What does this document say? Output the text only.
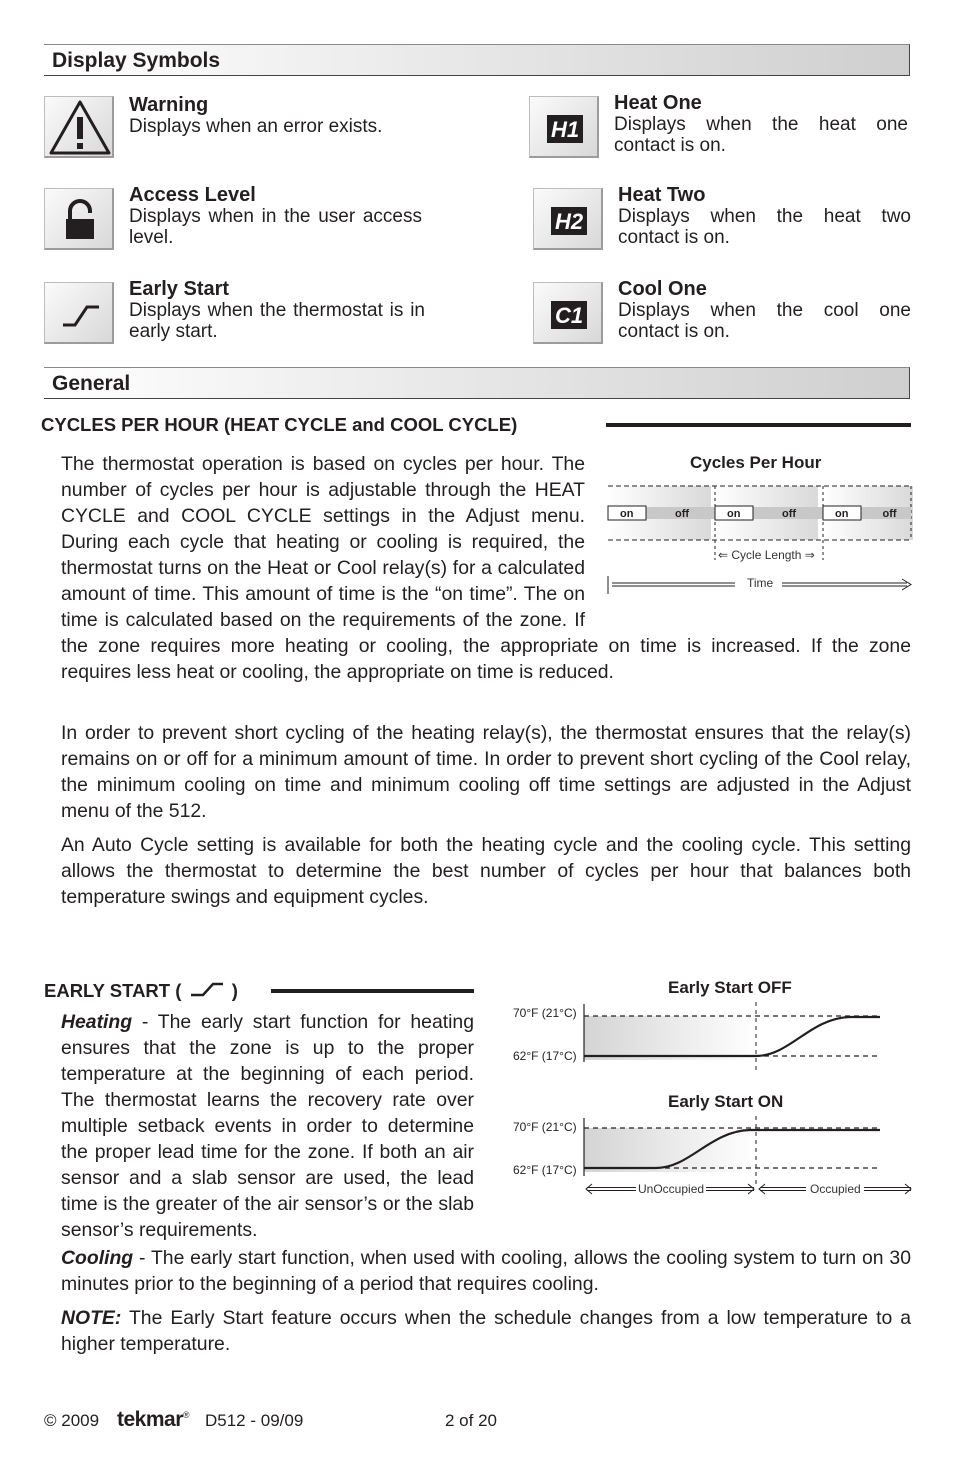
Display Symbols
Warning
Displays when an error exists.
Access Level
Displays when in the user access level.
Early Start
Displays when the thermostat is in early start.
H1
Heat One
Displays when the heat one contact is on.
H2
Heat Two
Displays when the heat two contact is on.
C1
Cool One
Displays when the cool one contact is on.
General
CYCLES PER HOUR (HEAT CYCLE and COOL CYCLE)
Cycles Per Hour
on	off	on	off	on	off
⇐ Cycle Length ⇒
Time

The thermostat operation is based on cycles per hour. The number of cycles per hour is adjustable through the HEAT CYCLE and COOL CYCLE settings in the Adjust menu. During each cycle that heating or cooling is required, the thermostat turns on the Heat or Cool relay(s) for a calculated amount of time. This amount of time is the “on time”. The on time is calculated based on the requirements of the zone. If the zone requires more heating or cooling, the appropriate on time is increased. If the zone requires less heat or cooling, the appropriate on time is reduced.

In order to prevent short cycling of the heating relay(s), the thermostat ensures that the relay(s) remains on or off for a minimum amount of time. In order to prevent short cycling of the Cool relay, the minimum cooling on time and minimum cooling off time settings are adjusted in the Adjust menu of the 512.
An Auto Cycle setting is available for both the heating cycle and the cooling cycle. This setting allows the thermostat to determine the best number of cycles per hour that balances both temperature swings and equipment cycles.
EARLY START (	)
Heating - The early start function for heating ensures that the zone is up to the proper temperature at the beginning of each period. The thermostat learns the recovery rate over multiple setback events in order to determine the proper lead time for the zone. If both an air sensor and a slab sensor are used, the lead time is the greater of the air sensor’s or the slab sensor’s requirements.
Cooling - The early start function, when used with cooling, allows the cooling system to turn on 30 minutes prior to the beginning of a period that requires cooling.
NOTE: The Early Start feature occurs when the schedule changes from a low temperature to a higher temperature.
Early Start OFF
70°F (21°C)
62°F (17°C)
Early Start ON
70°F (21°C)
62°F (17°C)
UnOccupied	Occupied
© 2009 tekmar® D512 - 09/09	2 of 20
